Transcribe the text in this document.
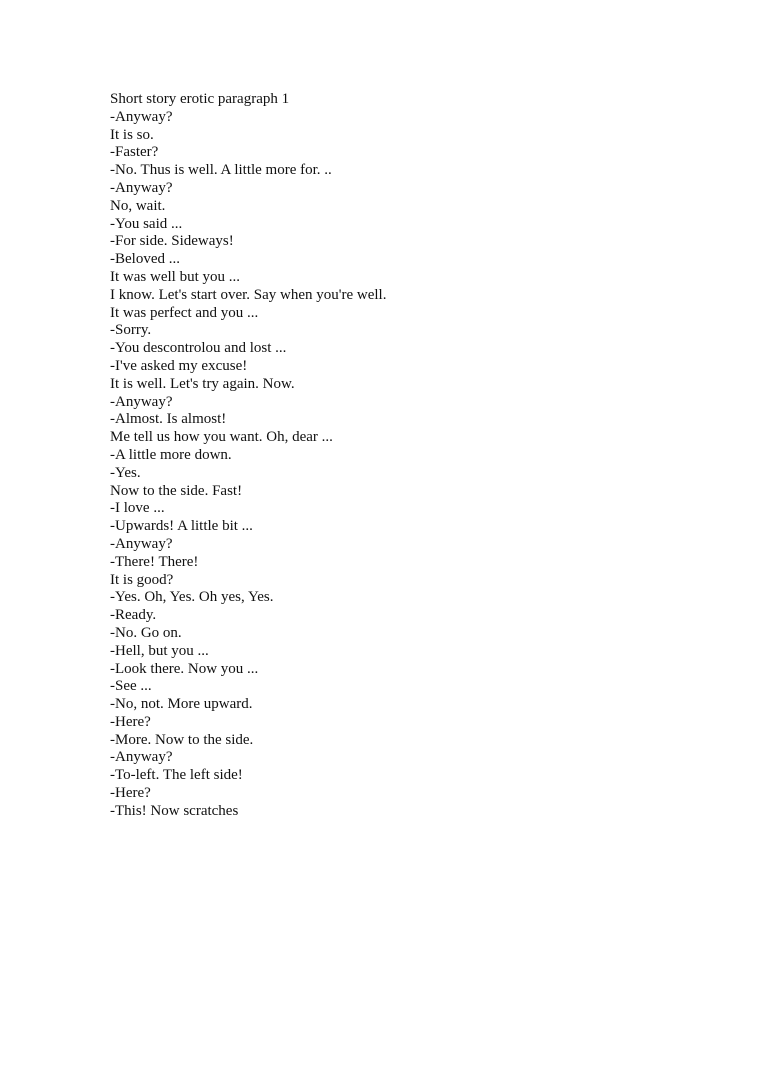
Short story erotic paragraph 1
-Anyway?
It is so.
-Faster?
-No. Thus is well. A little more for. ..
-Anyway?
No, wait.
-You said ...
-For side. Sideways!
-Beloved ...
It was well but you ...
I know. Let's start over. Say when you're well.
It was perfect and you ...
-Sorry.
-You descontrolou and lost ...
-I've asked my excuse!
It is well. Let's try again. Now.
-Anyway?
-Almost. Is almost!
Me tell us how you want. Oh, dear ...
-A little more down.
-Yes.
Now to the side. Fast!
-I love ...
-Upwards! A little bit ...
-Anyway?
-There! There!
It is good?
-Yes. Oh, Yes. Oh yes, Yes.
-Ready.
-No. Go on.
-Hell, but you ...
-Look there. Now you ...
-See ...
-No, not. More upward.
-Here?
-More. Now to the side.
-Anyway?
-To-left. The left side!
-Here?
-This! Now scratches
